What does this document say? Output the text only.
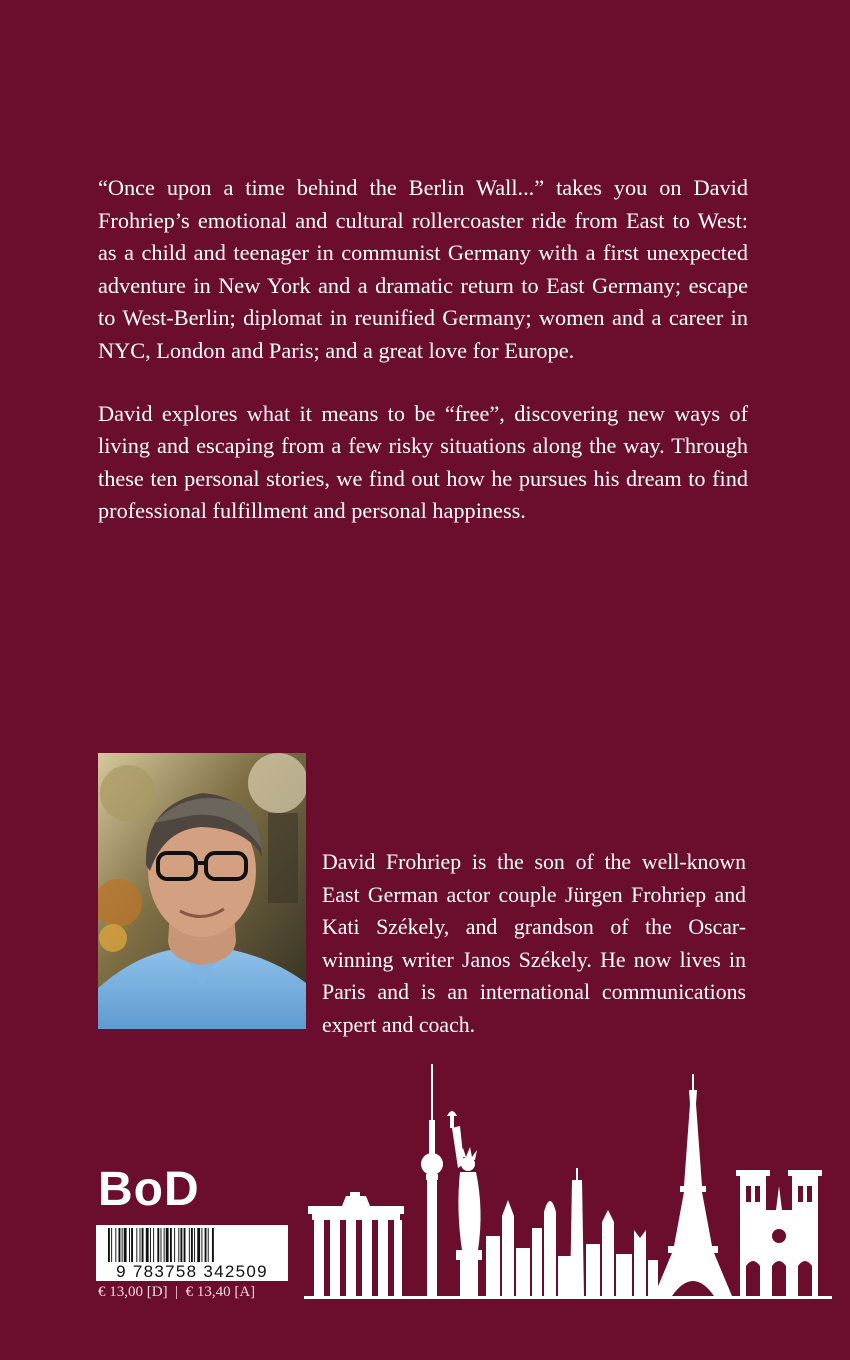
“Once upon a time behind the Berlin Wall...” takes you on David Frohriep’s emotional and cultural rollercoaster ride from East to West: as a child and teenager in communist Germany with a first unexpected adventure in New York and a dramatic return to East Germany; escape to West-Berlin; diplomat in reunified Germany; women and a career in NYC, London and Paris; and a great love for Europe.

David explores what it means to be “free”, discovering new ways of living and escaping from a few risky situations along the way. Through these ten personal stories, we find out how he pursues his dream to find professional fulfillment and personal happiness.

David Frohriep is the son of the well-known East German actor couple Jürgen Frohriep and Kati Székely, and grandson of the Oscar-winning writer Janos Székely. He now lives in Paris and is an international communications expert and coach.

BoD
9 783758 342509
€ 13,00 [D] | € 13,40 [A]
